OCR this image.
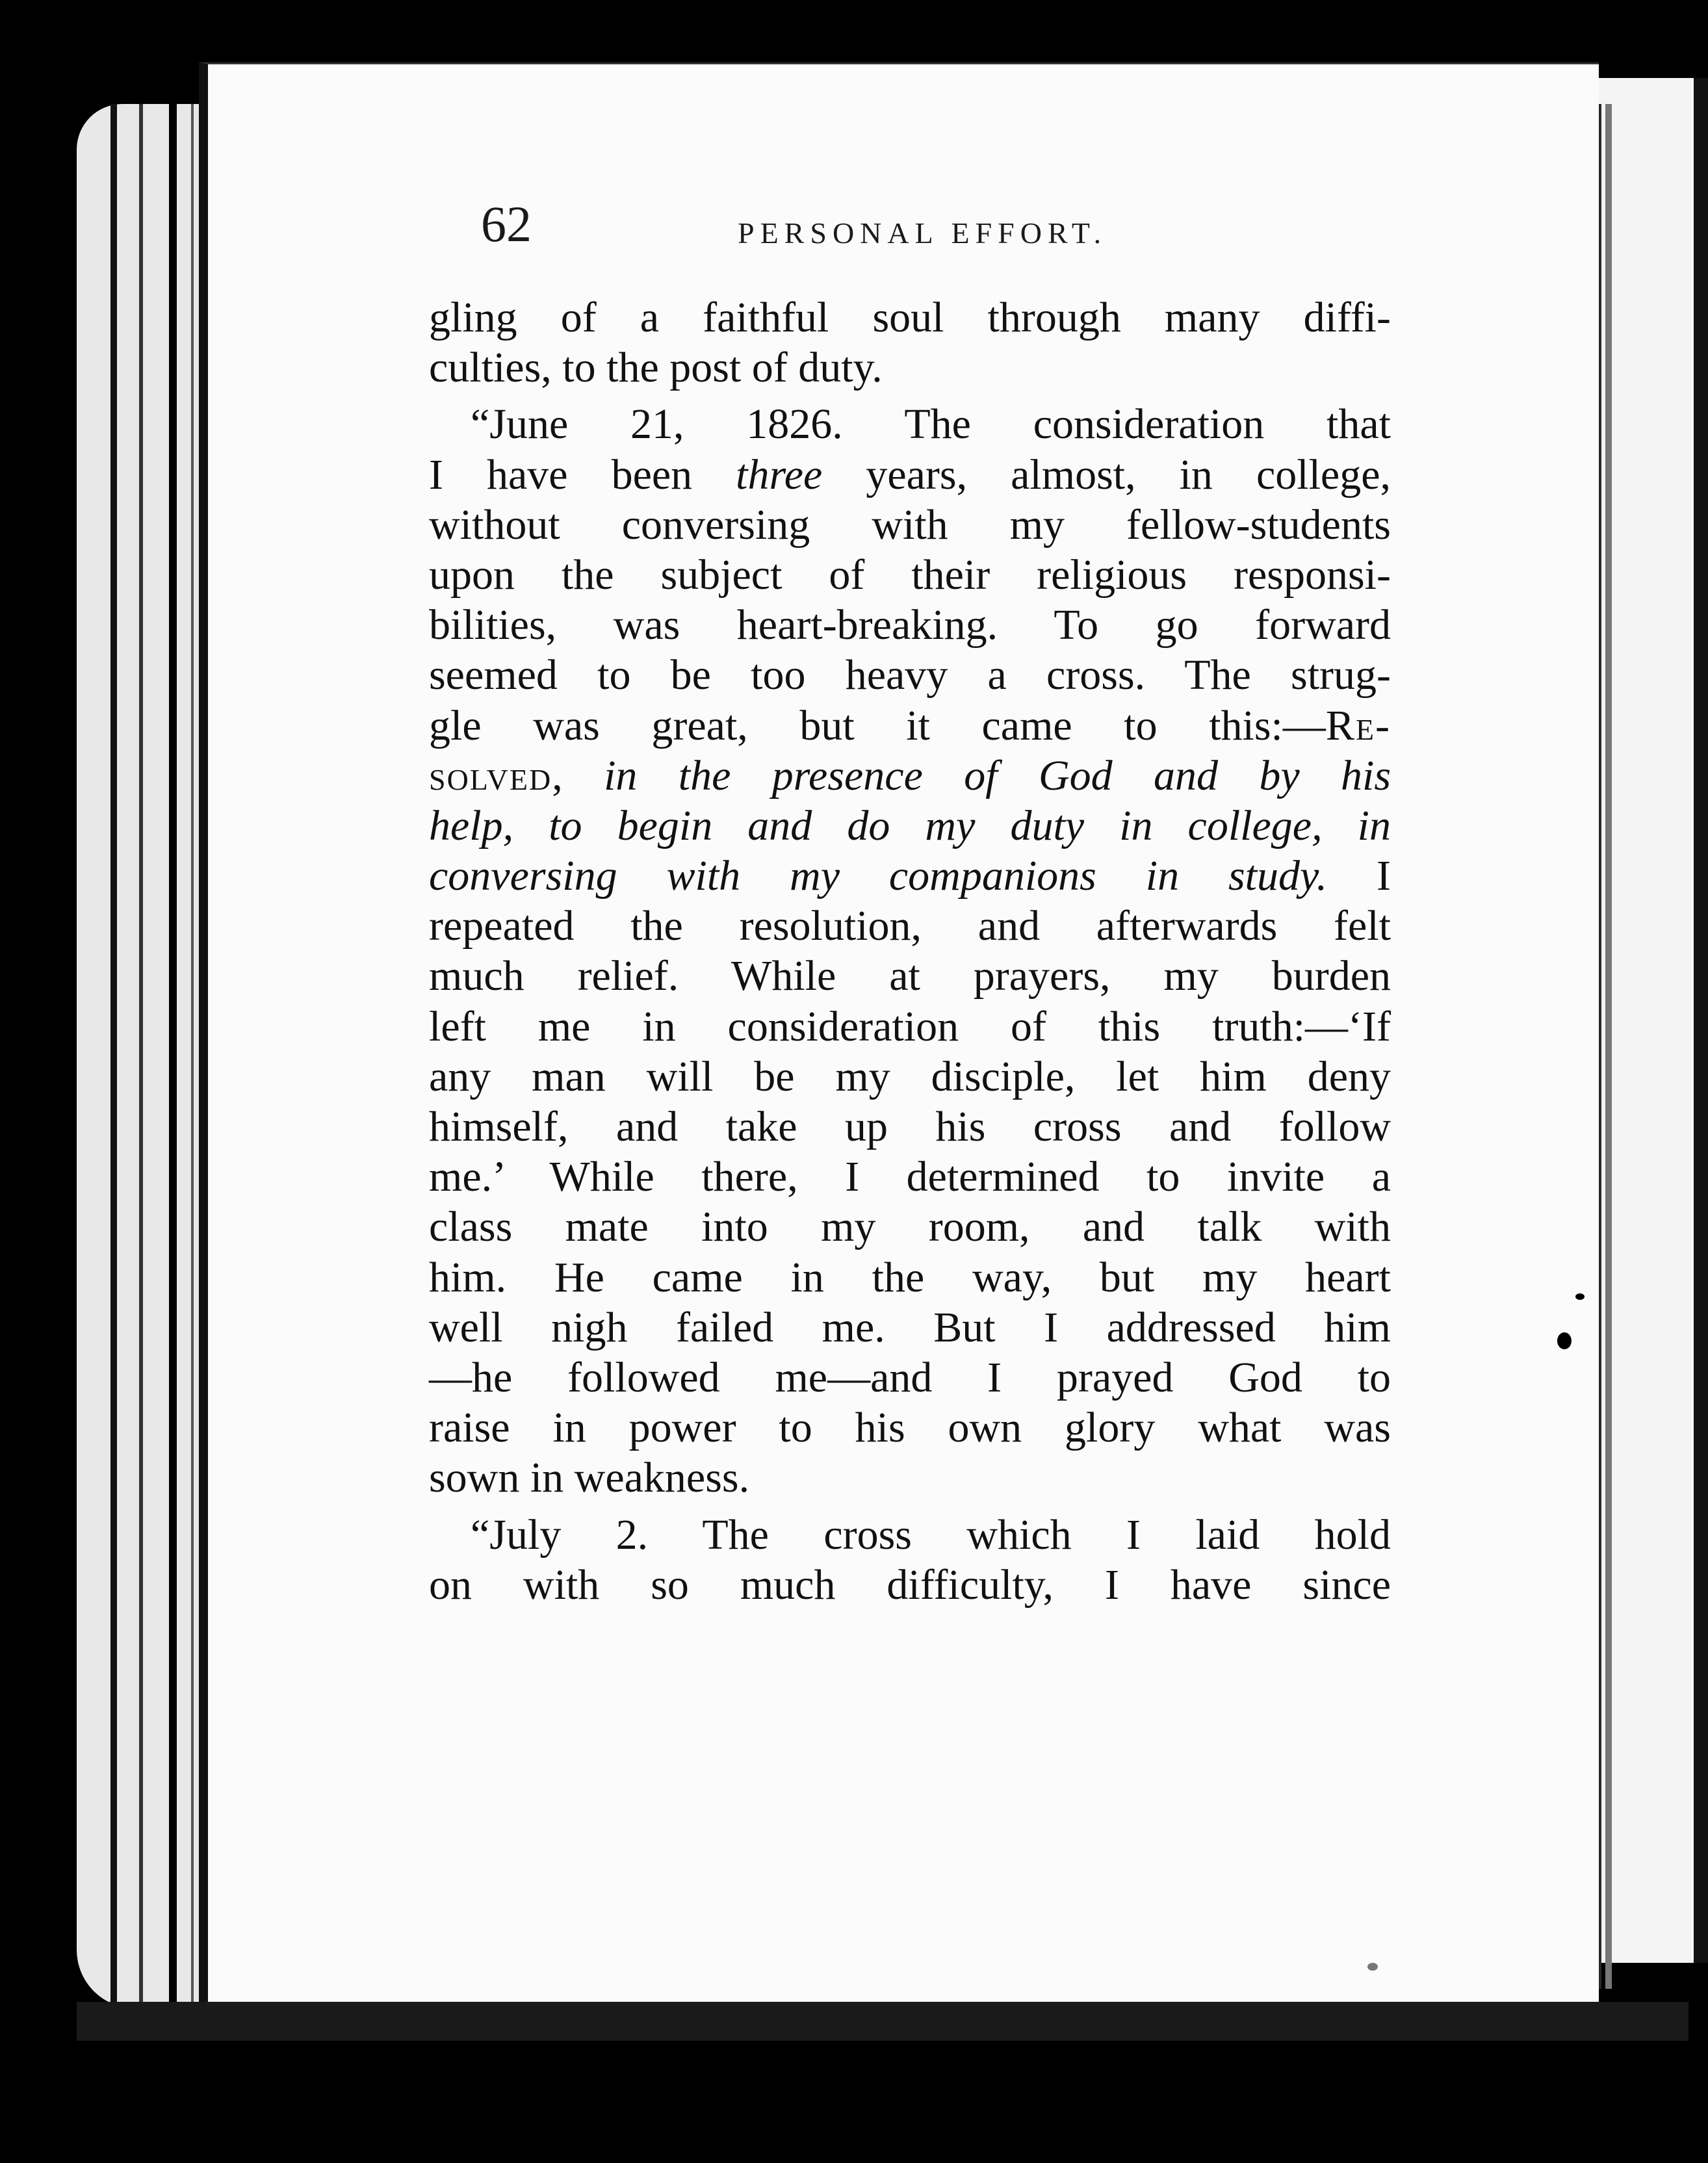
62	PERSONAL EFFORT.
gling of a faithful soul through many diffi-
culties, to the post of duty.
“June 21, 1826. The consideration that
I have been three years, almost, in college,
without conversing with my fellow-students
upon the subject of their religious responsi-
bilities, was heart-breaking. To go forward
seemed to be too heavy a cross. The strug-
gle was great, but it came to this:—Re-
solved, in the presence of God and by his
help, to begin and do my duty in college, in
conversing with my companions in study. I
repeated the resolution, and afterwards felt
much relief. While at prayers, my burden
left me in consideration of this truth:—‘If
any man will be my disciple, let him deny
himself, and take up his cross and follow
me.’ While there, I determined to invite a
class mate into my room, and talk with
him. He came in the way, but my heart
well nigh failed me. But I addressed him
—he followed me—and I prayed God to
raise in power to his own glory what was
sown in weakness.
“July 2. The cross which I laid hold
on with so much difficulty, I have since
